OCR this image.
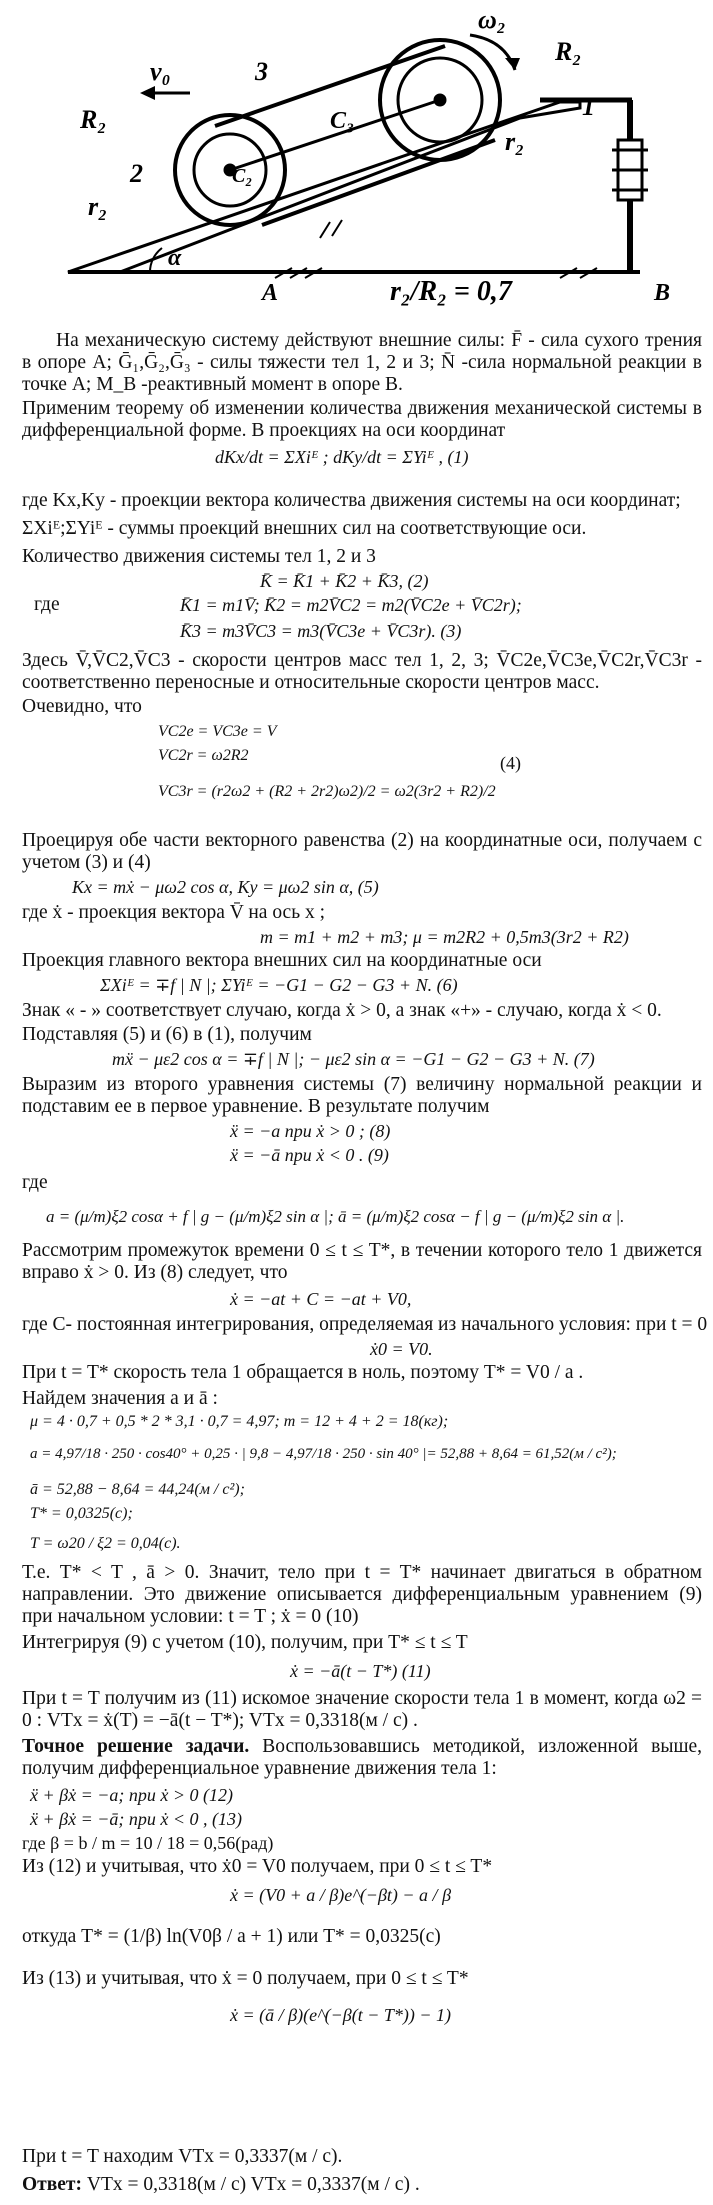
ω₂
R₂
v₀
R₂
3
C₃
C₂
2
r₂
r₂
1
α
A	B
r₂/R₂ = 0,7
На механическую систему действуют внешние силы: F̄ - сила сухого трения в опоре А; Ḡ₁,Ḡ₂,Ḡ₃ - силы тяжести тел 1, 2 и 3; N̄ -сила нормальной реакции в точке А; M_B -реактивный момент в опоре В.
Применим теорему об изменении количества движения механической системы в дифференциальной форме. В проекциях на оси координат
dKx/dt = ΣXiᴱ ; dKy/dt = ΣYiᴱ , (1)
где Kx,Ky - проекции вектора количества движения системы на оси координат;
ΣXiᴱ;ΣYiᴱ - суммы проекций внешних сил на соответствующие оси.
Количество движения системы тел 1, 2 и 3
K̄ = K̄1 + K̄2 + K̄3, (2)
где	K̄1 = m1V̄; K̄2 = m2V̄C2 = m2(V̄C2e + V̄C2r);
K̄3 = m3V̄C3 = m3(V̄C3e + V̄C3r). (3)
Здесь V̄,V̄C2,V̄C3 - скорости центров масс тел 1, 2, 3; V̄C2e,V̄C3e,V̄C2r,V̄C3r - соответственно переносные и относительные скорости центров масс.
Очевидно, что
VC2e = VC3e = V
VC2r = ω2R2
VC3r = (r2ω2 + (R2 + 2r2)ω2)/2 = ω2(3r2 + R2)/2
(4)
Проецируя обе части векторного равенства (2) на координатные оси, получаем с учетом (3) и (4)
Kx = mẋ − μω2 cos α, Ky = μω2 sin α, (5)
где ẋ - проекция вектора V̄ на ось x ;
m = m1 + m2 + m3; μ = m2R2 + 0,5m3(3r2 + R2)
Проекция главного вектора внешних сил на координатные оси
ΣXiᴱ = ∓f | N |; ΣYiᴱ = −G1 − G2 − G3 + N. (6)
Знак « - » соответствует случаю, когда ẋ > 0, а знак «+» - случаю, когда ẋ < 0.
Подставляя (5) и (6) в (1), получим
mẍ − με2 cos α = ∓f | N |; − με2 sin α = −G1 − G2 − G3 + N. (7)
Выразим из второго уравнения системы (7) величину нормальной реакции и подставим ее в первое уравнение. В результате получим
ẍ = −a при ẋ > 0 ; (8)
ẍ = −ā при ẋ < 0 . (9)
где
a = (μ/m)ξ2 cosα + f | g − (μ/m)ξ2 sin α |; ā = (μ/m)ξ2 cosα − f | g − (μ/m)ξ2 sin α |.
Рассмотрим промежуток времени 0 ≤ t ≤ T*, в течении которого тело 1 движется вправо ẋ > 0. Из (8) следует, что
ẋ = −at + C = −at + V0,
где С- постоянная интегрирования, определяемая из начального условия: при t = 0
ẋ0 = V0.
При t = T* скорость тела 1 обращается в ноль, поэтому T* = V0 / a .
Найдем значения a и ā :
μ = 4 · 0,7 + 0,5 * 2 * 3,1 · 0,7 = 4,97; m = 12 + 4 + 2 = 18(кг);
a = 4,97/18 · 250 · cos40° + 0,25 · | 9,8 − 4,97/18 · 250 · sin 40° |= 52,88 + 8,64 = 61,52(м / с²);
ā = 52,88 − 8,64 = 44,24(м / с²);
T* = 0,0325(c);
T = ω20 / ξ2 = 0,04(c).
Т.е. T* < T , ā > 0. Значит, тело при t = T* начинает двигаться в обратном направлении. Это движение описывается дифференциальным уравнением (9) при начальном условии: t = T ; ẋ = 0 (10)
Интегрируя (9) с учетом (10), получим, при T* ≤ t ≤ T
ẋ = −ā(t − T*) (11)
При t = T получим из (11) искомое значение скорости тела 1 в момент, когда ω2 = 0 : VTx = ẋ(T) = −ā(t − T*); VTx = 0,3318(м / с) .
Точное решение задачи. Воспользовавшись методикой, изложенной выше, получим дифференциальное уравнение движения тела 1:
ẍ + βẋ = −a; при ẋ > 0 (12)
ẍ + βẋ = −ā; при ẋ < 0 , (13)
где β = b / m = 10 / 18 = 0,56(рад)
Из (12) и учитывая, что ẋ0 = V0 получаем, при 0 ≤ t ≤ T*
ẋ = (V0 + a / β)e^(−βt) − a / β
откуда T* = (1/β) ln(V0β / a + 1) или T* = 0,0325(c)
Из (13) и учитывая, что ẋ = 0 получаем, при 0 ≤ t ≤ T*
ẋ = (ā / β)(e^(−β(t − T*)) − 1)
При t = T находим VTx = 0,3337(м / с).
Ответ: VTx = 0,3318(м / с) VTx = 0,3337(м / с) .
